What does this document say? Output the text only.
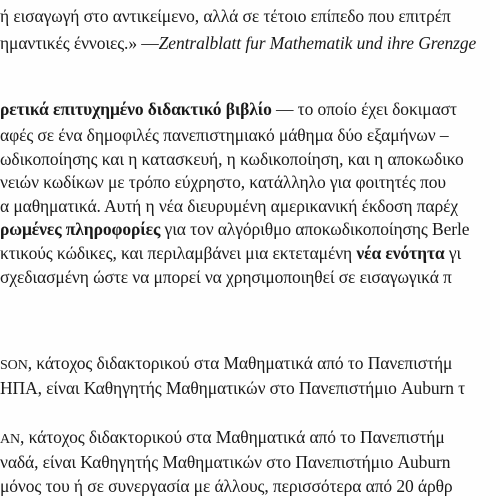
ή εισαγωγή στο αντικείμενο, αλλά σε τέτοιο επίπεδο που επιτρέπ
ημαντικές έννοιες.» —Zentralblatt fur Mathematik und ihre Grenzge
ρετικά επιτυχημένο διδακτικό βιβλίο — το οποίο έχει δοκιμαστ
αφές σε ένα δημοφιλές πανεπιστημιακό μάθημα δύο εξαμήνων –
ωδικοποίησης και η κατασκευή, η κωδικοποίηση, και η αποκωδικο
νειών κωδίκων με τρόπο εύχρηστο, κατάλληλο για φοιτητές που
α μαθηματικά. Αυτή η νέα διευρυμένη αμερικανική έκδοση παρέχ
ρωμένες πληροφορίες για τον αλγόριθμο αποκωδικοποίησης Berle
κτικούς κώδικες, και περιλαμβάνει μια εκτεταμένη νέα ενότητα γι
σχεδιασμένη ώστε να μπορεί να χρησιμοποιηθεί σε εισαγωγικά π
SON, κάτοχος διδακτορικού στα Μαθηματικά από το Πανεπιστήμ
ΗΠΑ, είναι Καθηγητής Μαθηματικών στο Πανεπιστήμιο Auburn τ
AN, κάτοχος διδακτορικού στα Μαθηματικά από το Πανεπιστήμ
ναδά, είναι Καθηγητής Μαθηματικών στο Πανεπιστήμιο Auburn
μόνος του ή σε συνεργασία με άλλους, περισσότερα από 20 άρθρ
